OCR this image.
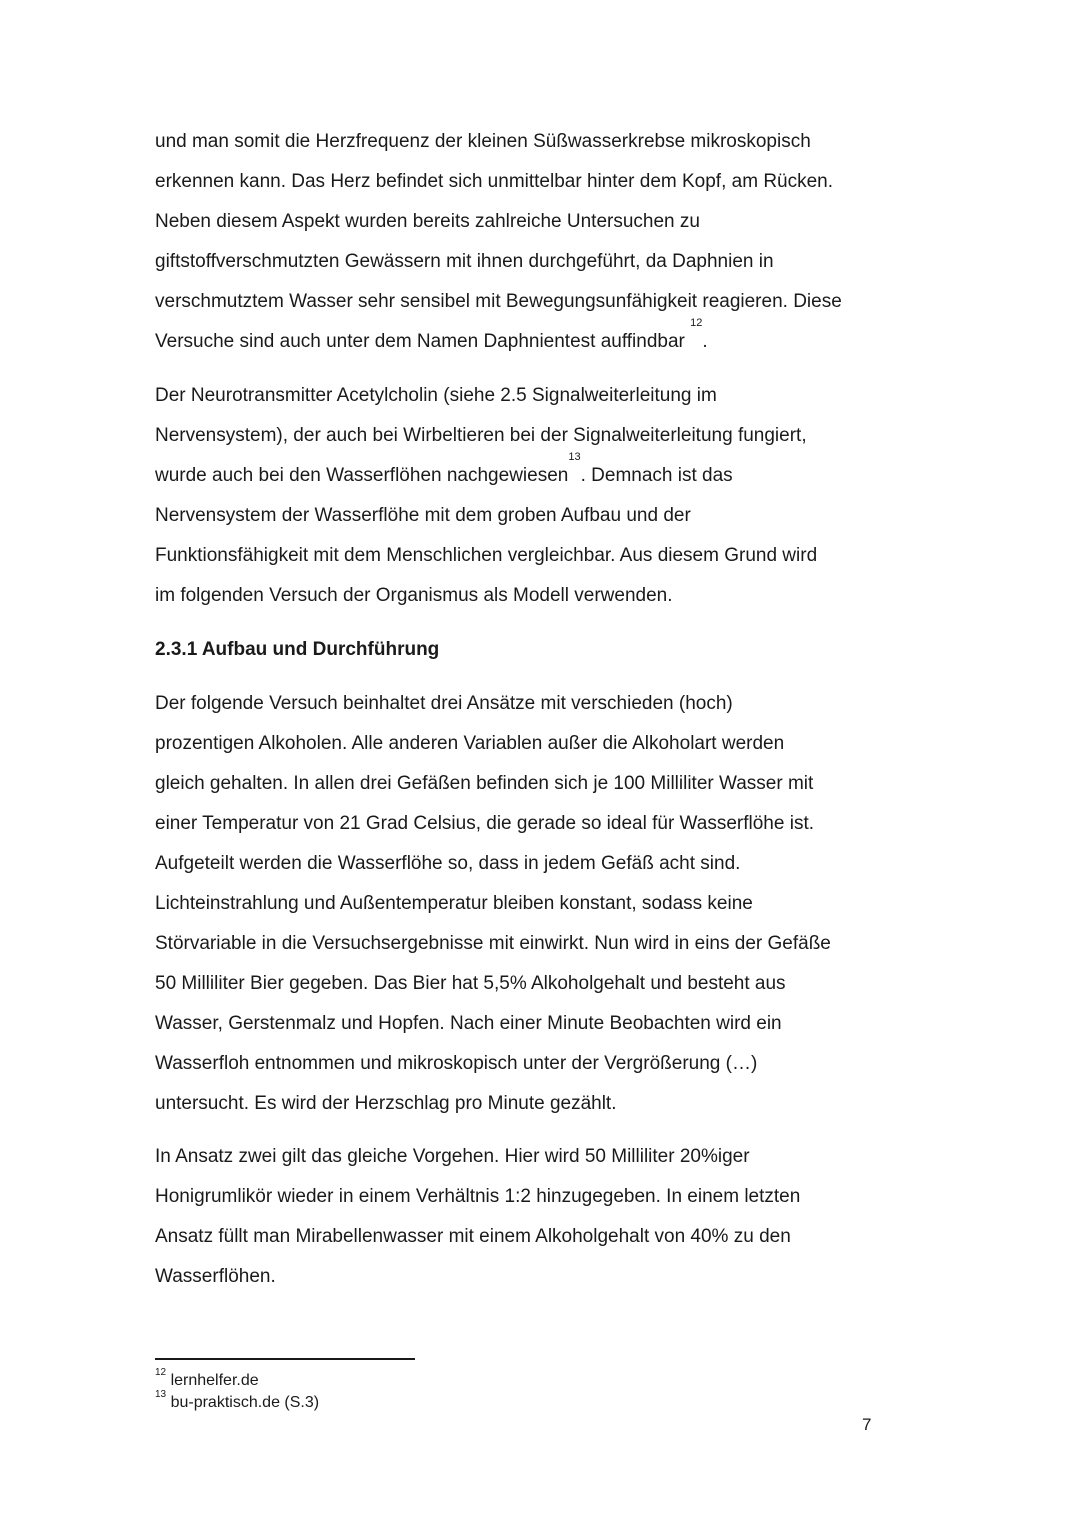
und man somit die Herzfrequenz der kleinen Süßwasserkrebse mikroskopisch
erkennen kann. Das Herz befindet sich unmittelbar hinter dem Kopf, am Rücken.
Neben diesem Aspekt wurden bereits zahlreiche Untersuchen zu
giftstoffverschmutzten Gewässern mit ihnen durchgeführt, da Daphnien in
verschmutztem Wasser sehr sensibel mit Bewegungsunfähigkeit reagieren. Diese
Versuche sind auch unter dem Namen Daphnientest auffindbar $^{12}$.

Der Neurotransmitter Acetylcholin (siehe 2.5 Signalweiterleitung im
Nervensystem), der auch bei Wirbeltieren bei der Signalweiterleitung fungiert,
wurde auch bei den Wasserflöhen nachgewiesen$^{13}$. Demnach ist das
Nervensystem der Wasserflöhe mit dem groben Aufbau und der
Funktionsfähigkeit mit dem Menschlichen vergleichbar. Aus diesem Grund wird
im folgenden Versuch der Organismus als Modell verwenden.

2.3.1 Aufbau und Durchführung

Der folgende Versuch beinhaltet drei Ansätze mit verschieden (hoch)
prozentigen Alkoholen. Alle anderen Variablen außer die Alkoholart werden
gleich gehalten. In allen drei Gefäßen befinden sich je 100 Milliliter Wasser mit
einer Temperatur von 21 Grad Celsius, die gerade so ideal für Wasserflöhe ist.
Aufgeteilt werden die Wasserflöhe so, dass in jedem Gefäß acht sind.
Lichteinstrahlung und Außentemperatur bleiben konstant, sodass keine
Störvariable in die Versuchsergebnisse mit einwirkt. Nun wird in eins der Gefäße
50 Milliliter Bier gegeben. Das Bier hat 5,5% Alkoholgehalt und besteht aus
Wasser, Gerstenmalz und Hopfen. Nach einer Minute Beobachten wird ein
Wasserfloh entnommen und mikroskopisch unter der Vergrößerung (…)
untersucht. Es wird der Herzschlag pro Minute gezählt.

In Ansatz zwei gilt das gleiche Vorgehen. Hier wird 50 Milliliter 20%iger
Honigrumlikör wieder in einem Verhältnis 1:2 hinzugegeben. In einem letzten
Ansatz füllt man Mirabellenwasser mit einem Alkoholgehalt von 40% zu den
Wasserflöhen.

$^{12}$ lernhelfer.de
$^{13}$ bu-praktisch.de (S.3)
7
